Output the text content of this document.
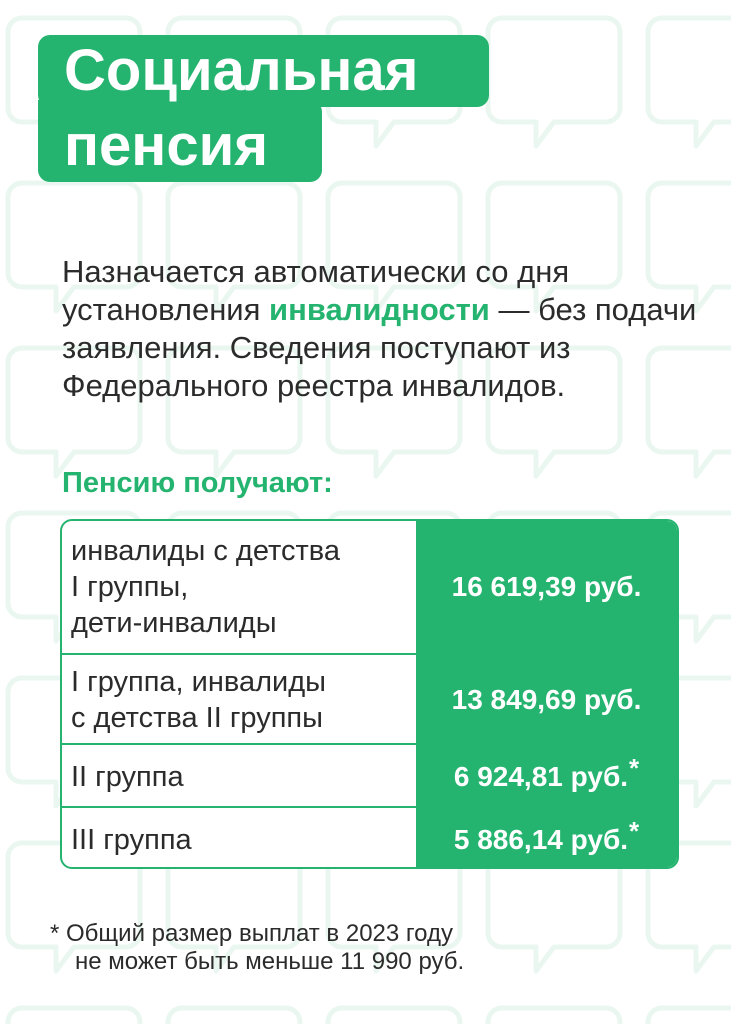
Социальная
пенсия

Назначается автоматически со дня установления инвалидности — без подачи заявления. Сведения поступают из Федерального реестра инвалидов.

Пенсию получают:
инвалиды с детства
I группы,
дети-инвалиды
16 619,39 руб.
I группа, инвалиды
с детства II группы
13 849,69 руб.
II группа	6 924,81 руб. *
III группа	5 886,14 руб. *

* Общий размер выплат в 2023 году
не может быть меньше 11 990 руб.
